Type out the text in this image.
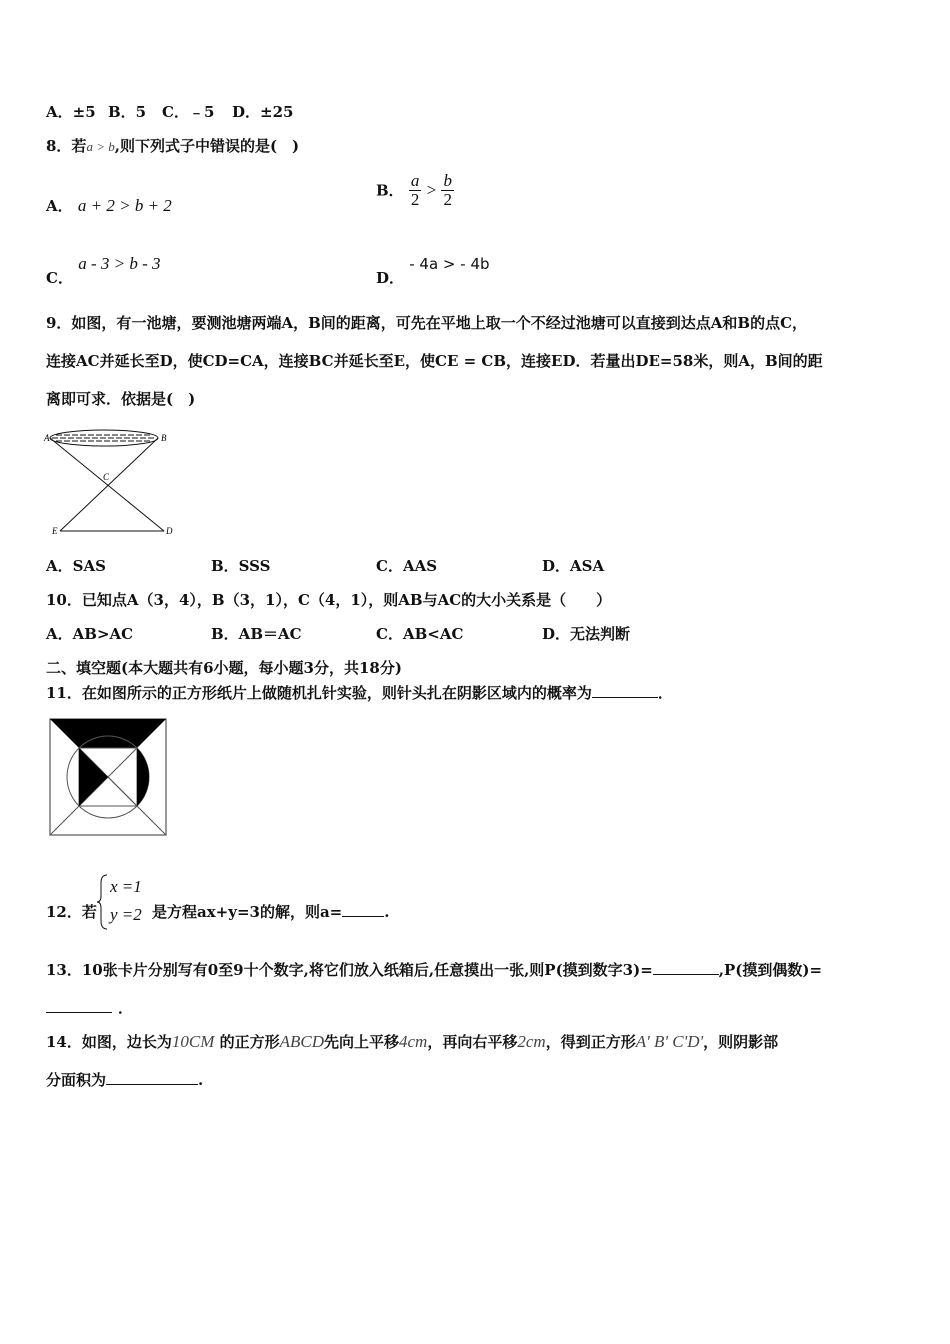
A．±5 B．5 C．﹣5 D．±25
8．若a > b,则下列式子中错误的是(　)
A． a + 2 > b + 2
B． $\frac{a}{2} > \frac{b}{2}$
C． a - 3 > b - 3
D． - 4a > - 4b
9．如图，有一池塘，要测池塘两端A，B间的距离，可先在平地上取一个不经过池塘可以直接到达点A和B的点C，
连接AC并延长至D，使CD=CA，连接BC并延长至E，使CE = CB，连接ED．若量出DE=58米，则A，B间的距
离即可求．依据是(　)
A	B
C
D
E
A．SAS	B．SSS	C．AAS	D．ASA
10．已知点A（3，4），B（3，1），C（4，1），则AB与AC的大小关系是（　　）
A．AB>AC	B．AB＝AC	C．AB<AC	D．无法判断
二、填空题(本大题共有6小题，每小题3分，共18分)
11．在如图所示的正方形纸片上做随机扎针实验，则针头扎在阴影区域内的概率为	．
12．若
x =1
y =2 是方程ax+y=3的解，则a=	.
13．10张卡片分别写有0至9十个数字,将它们放入纸箱后,任意摸出一张,则P(摸到数字3)=	,P(摸到偶数)=
．
14．如图，边长为10CM 的正方形ABCD先向上平移4cm，再向右平移2cm，得到正方形A' B' C'D'，则阴影部
分面积为	.
